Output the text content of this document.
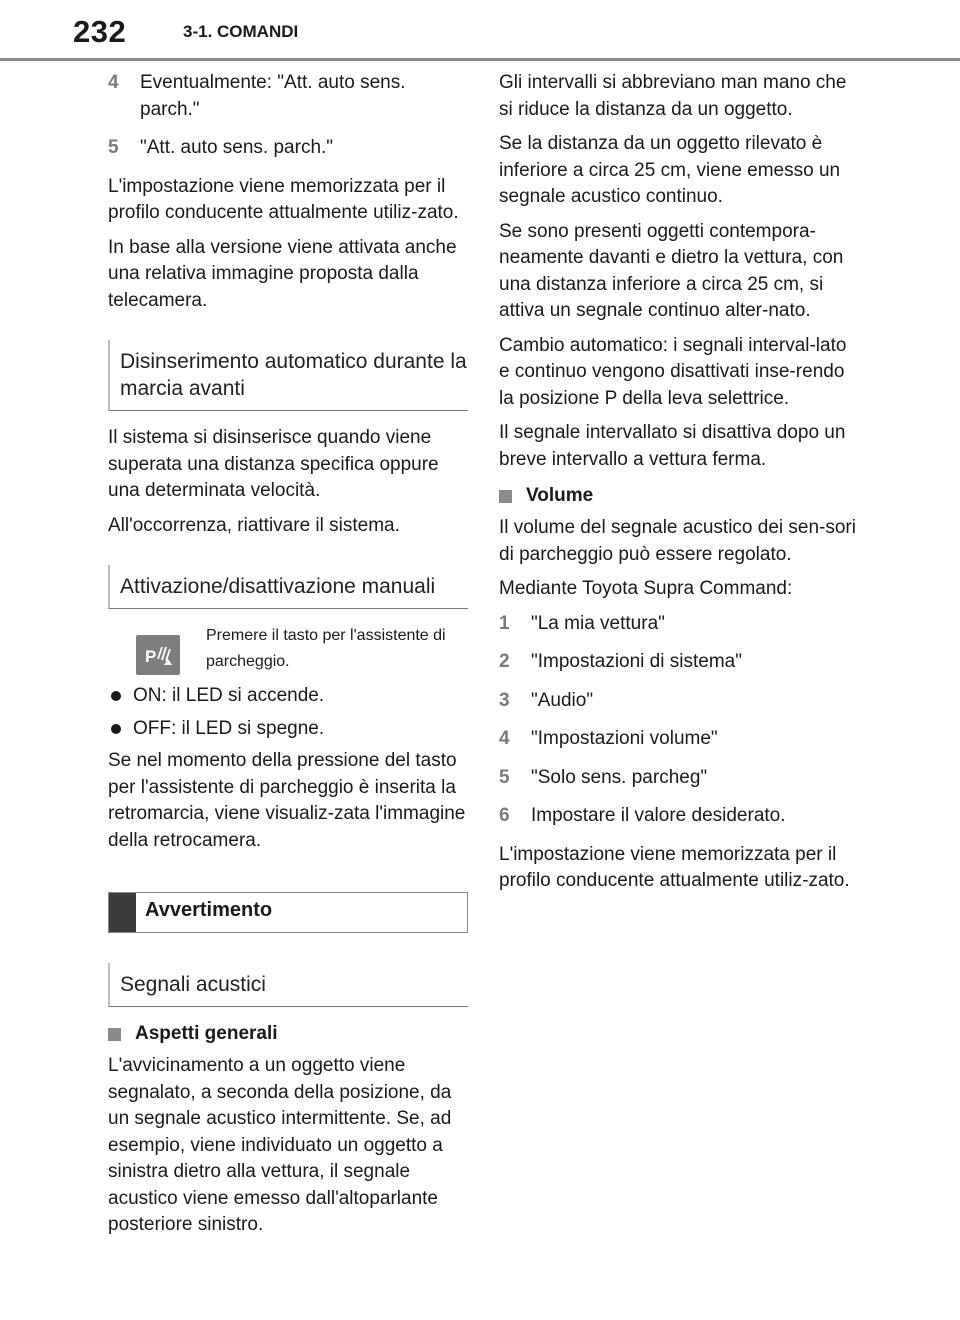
232	3-1. COMANDI
4 Eventualmente: "Att. auto sens. parch."
5 "Att. auto sens. parch."

L'impostazione viene memorizzata per il profilo conducente attualmente utiliz-zato.

In base alla versione viene attivata anche una relativa immagine proposta dalla telecamera.

Disinserimento automatico durante la marcia avanti

Il sistema si disinserisce quando viene superata una distanza specifica oppure una determinata velocità.

All'occorrenza, riattivare il sistema.

Attivazione/disattivazione manuali
P
Premere il tasto per l'assistente di parcheggio.
ON: il LED si accende.
OFF: il LED si spegne.

Se nel momento della pressione del tasto per l'assistente di parcheggio è inserita la retromarcia, viene visualiz-zata l'immagine della retrocamera.

Avvertimento
Segnali acustici
Aspetti generali

L'avvicinamento a un oggetto viene segnalato, a seconda della posizione, da un segnale acustico intermittente. Se, ad esempio, viene individuato un oggetto a sinistra dietro alla vettura, il segnale acustico viene emesso dall'altoparlante posteriore sinistro.

Gli intervalli si abbreviano man mano che si riduce la distanza da un oggetto.

Se la distanza da un oggetto rilevato è inferiore a circa 25 cm, viene emesso un segnale acustico continuo.

Se sono presenti oggetti contempora-neamente davanti e dietro la vettura, con una distanza inferiore a circa 25 cm, si attiva un segnale continuo alter-nato.

Cambio automatico: i segnali interval-lato e continuo vengono disattivati inse-rendo la posizione P della leva selettrice.

Il segnale intervallato si disattiva dopo un breve intervallo a vettura ferma.

Volume

Il volume del segnale acustico dei sen-sori di parcheggio può essere regolato.

Mediante Toyota Supra Command:

1 "La mia vettura"
2 "Impostazioni di sistema"
3 "Audio"
4 "Impostazioni volume"
5 "Solo sens. parcheg"
6 Impostare il valore desiderato.

L'impostazione viene memorizzata per il profilo conducente attualmente utiliz-zato.
